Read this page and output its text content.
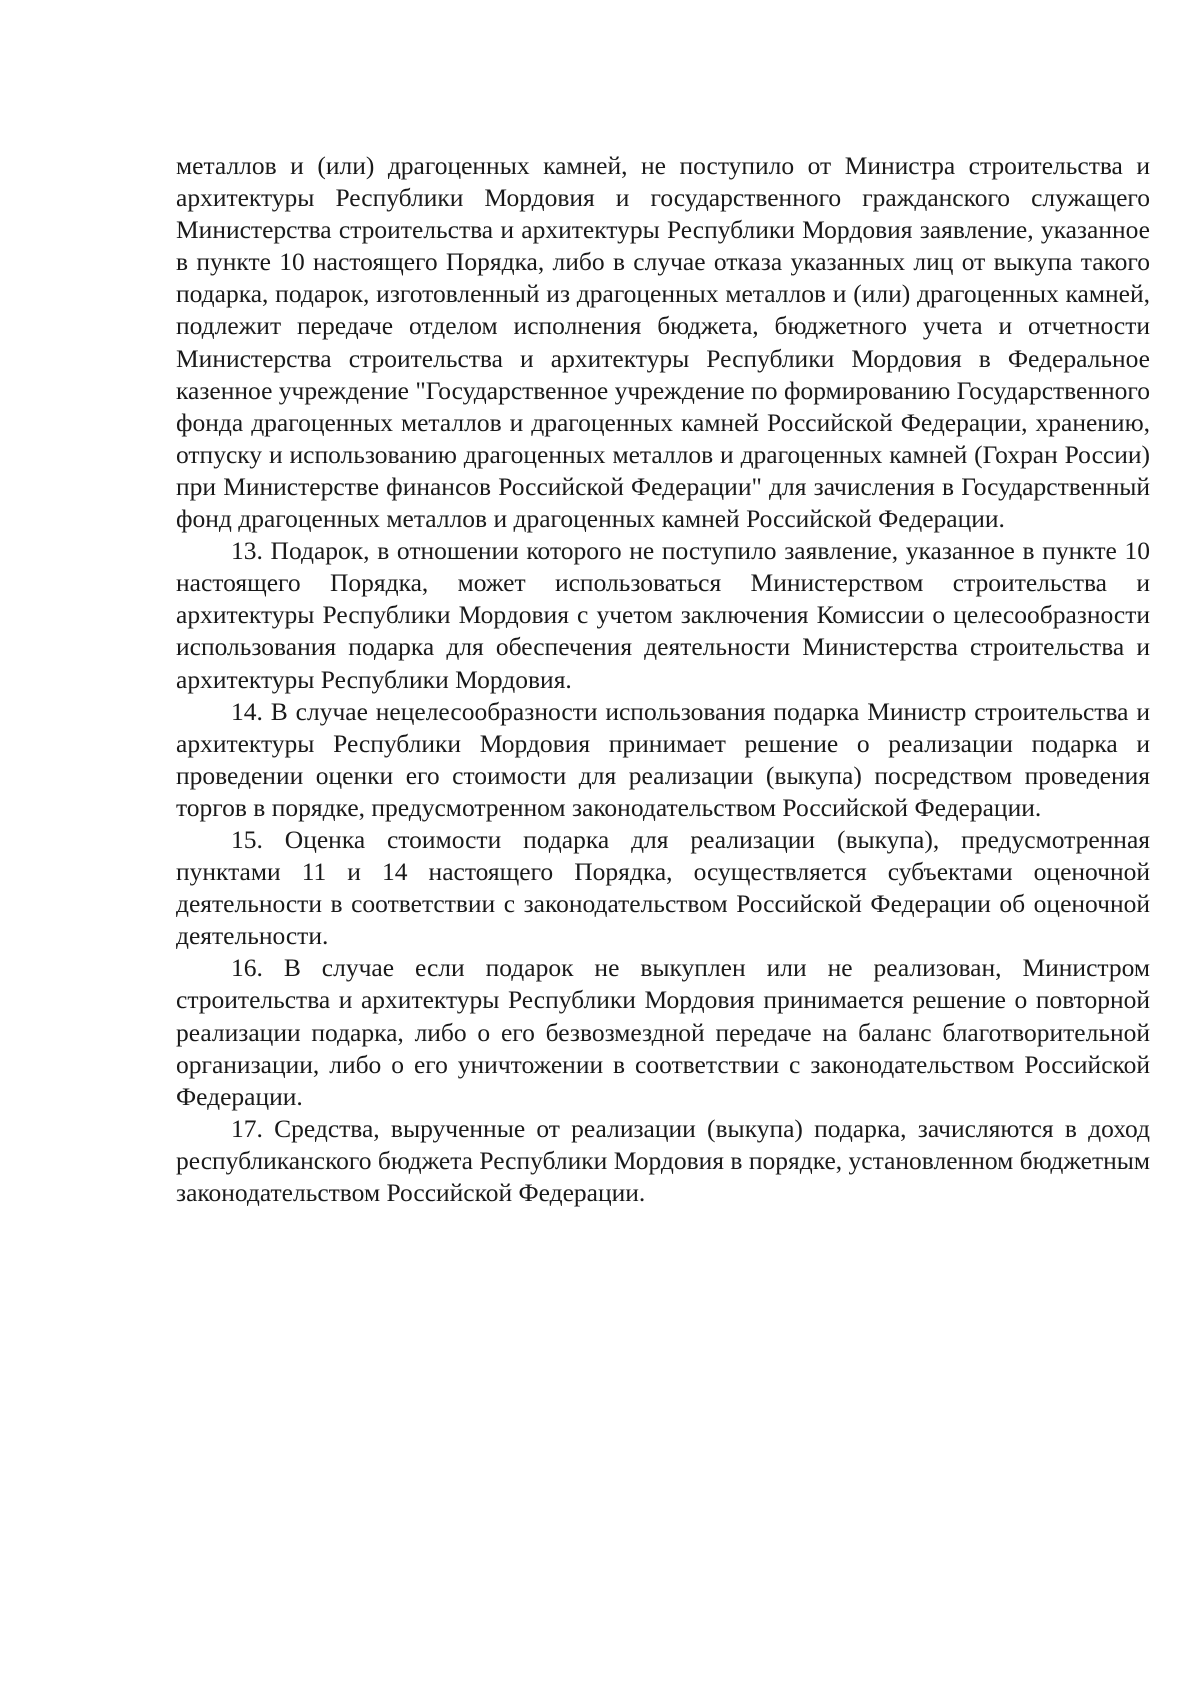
металлов и (или) драгоценных камней, не поступило от Министра строительства и архитектуры Республики Мордовия и государственного гражданского служащего Министерства строительства и архитектуры Республики Мордовия заявление, указанное в пункте 10 настоящего Порядка, либо в случае отказа указанных лиц от выкупа такого подарка, подарок, изготовленный из драгоценных металлов и (или) драгоценных камней, подлежит передаче отделом исполнения бюджета, бюджетного учета и отчетности Министерства строительства и архитектуры Республики Мордовия в Федеральное казенное учреждение "Государственное учреждение по формированию Государственного фонда драгоценных металлов и драгоценных камней Российской Федерации, хранению, отпуску и использованию драгоценных металлов и драгоценных камней (Гохран России) при Министерстве финансов Российской Федерации" для зачисления в Государственный фонд драгоценных металлов и драгоценных камней Российской Федерации.

13. Подарок, в отношении которого не поступило заявление, указанное в пункте 10 настоящего Порядка, может использоваться Министерством строительства и архитектуры Республики Мордовия с учетом заключения Комиссии о целесообразности использования подарка для обеспечения деятельности Министерства строительства и архитектуры Республики Мордовия.

14. В случае нецелесообразности использования подарка Министр строительства и архитектуры Республики Мордовия принимает решение о реализации подарка и проведении оценки его стоимости для реализации (выкупа) посредством проведения торгов в порядке, предусмотренном законодательством Российской Федерации.

15. Оценка стоимости подарка для реализации (выкупа), предусмотренная пунктами 11 и 14 настоящего Порядка, осуществляется субъектами оценочной деятельности в соответствии с законодательством Российской Федерации об оценочной деятельности.

16. В случае если подарок не выкуплен или не реализован, Министром строительства и архитектуры Республики Мордовия принимается решение о повторной реализации подарка, либо о его безвозмездной передаче на баланс благотворительной организации, либо о его уничтожении в соответствии с законодательством Российской Федерации.

17. Средства, вырученные от реализации (выкупа) подарка, зачисляются в доход республиканского бюджета Республики Мордовия в порядке, установленном бюджетным законодательством Российской Федерации.
